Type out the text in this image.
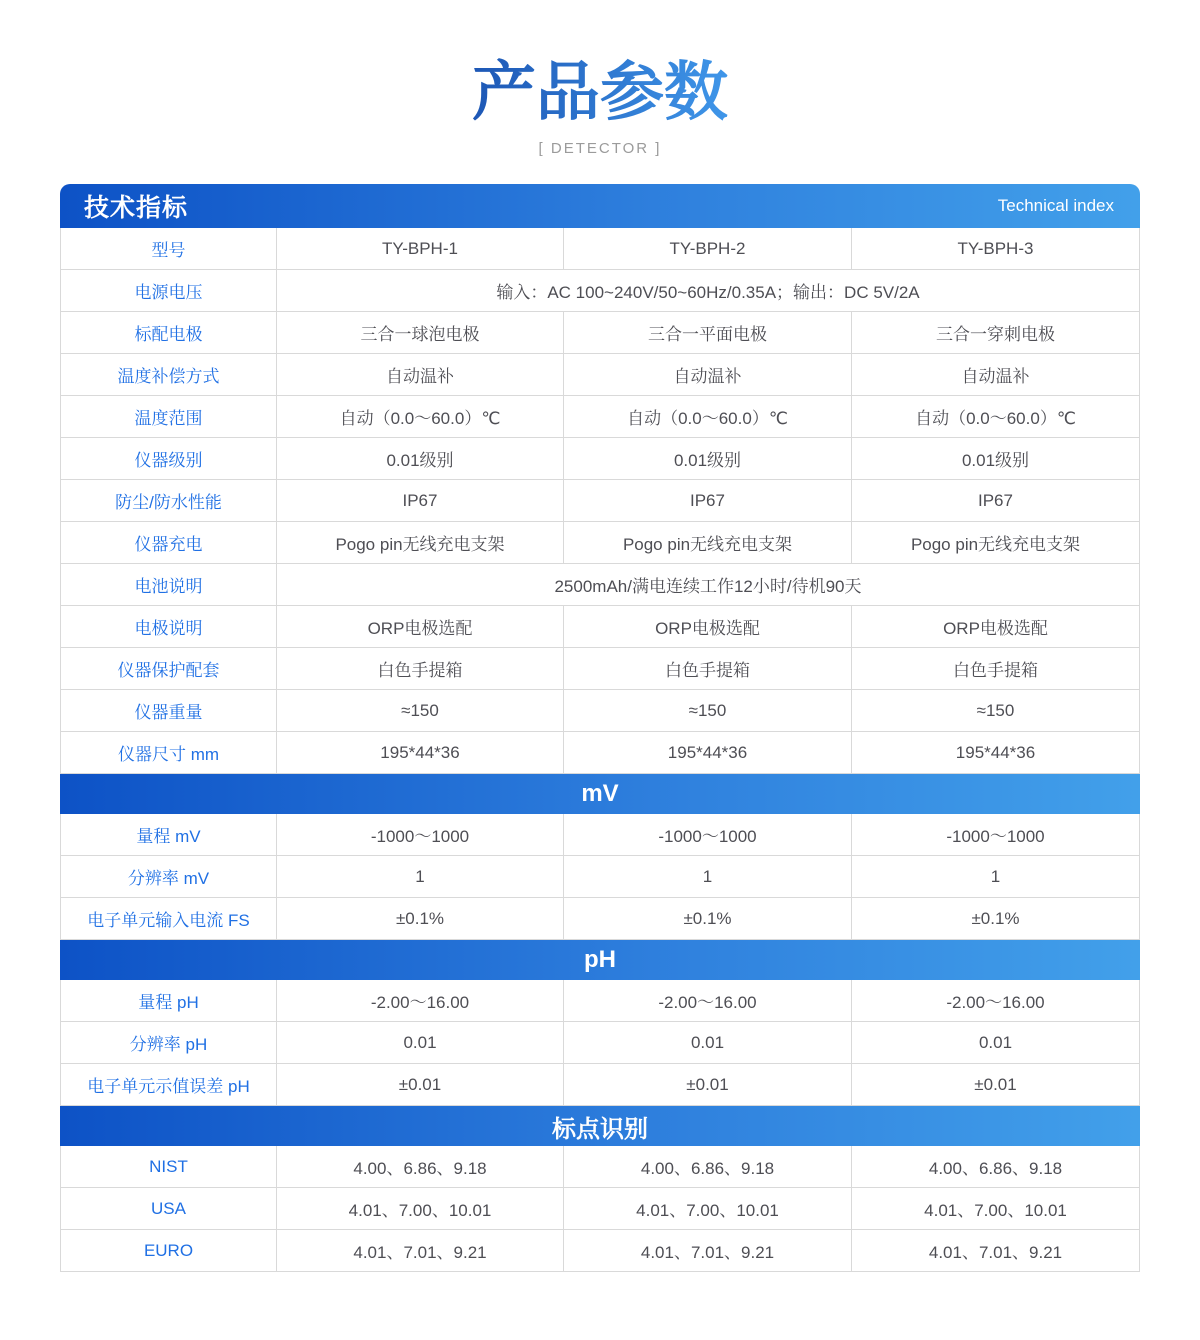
产品参数
[ DETECTOR ]
技术指标	Technical index
型号	TY-BPH-1	TY-BPH-2	TY-BPH-3
电源电压	输入：AC 100~240V/50~60Hz/0.35A；输出：DC 5V/2A
标配电极	三合一球泡电极	三合一平面电极	三合一穿刺电极
温度补偿方式	自动温补	自动温补	自动温补
温度范围	自动（0.0～60.0）℃	自动（0.0～60.0）℃	自动（0.0～60.0）℃
仪器级别	0.01级别	0.01级别	0.01级别
防尘/防水性能	IP67	IP67	IP67
仪器充电	Pogo pin无线充电支架	Pogo pin无线充电支架	Pogo pin无线充电支架
电池说明	2500mAh/满电连续工作12小时/待机90天
电极说明	ORP电极选配	ORP电极选配	ORP电极选配
仪器保护配套	白色手提箱	白色手提箱	白色手提箱
仪器重量	≈150	≈150	≈150
仪器尺寸 mm	195*44*36	195*44*36	195*44*36
mV
量程 mV	-1000～1000	-1000～1000	-1000～1000
分辨率 mV	1	1	1
电子单元输入电流 FS	±0.1%	±0.1%	±0.1%
pH
量程 pH	-2.00～16.00	-2.00～16.00	-2.00～16.00
分辨率 pH	0.01	0.01	0.01
电子单元示值误差 pH	±0.01	±0.01	±0.01
标点识别
NIST	4.00、6.86、9.18	4.00、6.86、9.18	4.00、6.86、9.18
USA	4.01、7.00、10.01	4.01、7.00、10.01	4.01、7.00、10.01
EURO	4.01、7.01、9.21	4.01、7.01、9.21	4.01、7.01、9.21
